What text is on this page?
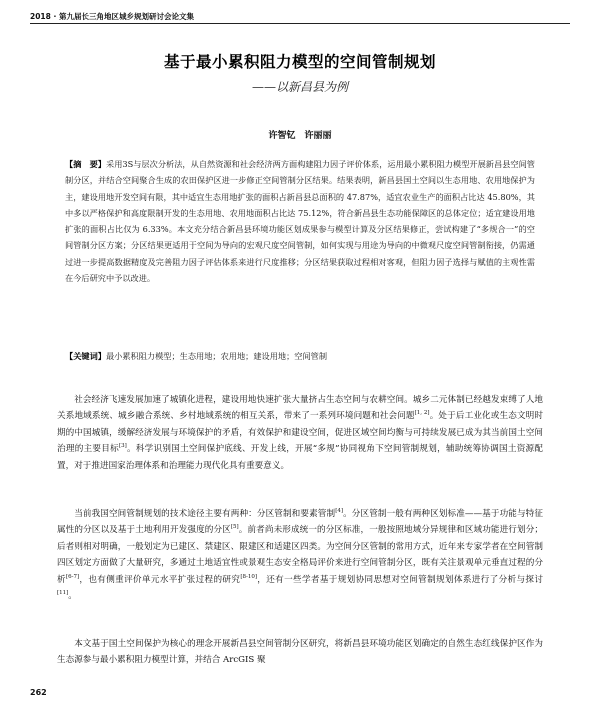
2018 · 第九届长三角地区城乡规划研讨会论文集
基于最小累积阻力模型的空间管制规划
——以新昌县为例
许智钇　许丽丽
【摘　要】采用3S与层次分析法，从自然资源和社会经济两方面构建阻力因子评价体系，运用最小累积阻力模型开展新昌县空间管制分区，并结合空间聚合生成的农田保护区进一步修正空间管制分区结果。结果表明，新昌县国土空间以生态用地、农用地保护为主，建设用地开发空间有限，其中适宜生态用地扩张的面积占新昌县总面积的 47.87%，适宜农业生产的面积占比达 45.80%，其中多以严格保护和高度限制开发的生态用地、农用地面积占比达 75.12%，符合新昌县生态功能保障区的总体定位；适宜建设用地扩张的面积占比仅为 6.33%。本文充分结合新昌县环境功能区划成果参与模型计算及分区结果修正，尝试构建了“多规合一”的空间管制分区方案；分区结果更适用于空间为导向的宏观尺度空间管制，如何实现与用途为导向的中微观尺度空间管制衔接，仍需通过进一步提高数据精度及完善阻力因子评估体系来进行尺度推移；分区结果获取过程相对客观，但阻力因子选择与赋值的主观性需在今后研究中予以改进。
【关键词】最小累积阻力模型；生态用地；农用地；建设用地；空间管制

社会经济飞速发展加速了城镇化进程，建设用地快速扩张大量挤占生态空间与农耕空间。城乡二元体制已经越发束缚了人地关系地域系统、城乡融合系统、乡村地域系统的相互关系，带来了一系列环境问题和社会问题[1, 2]。处于后工业化或生态文明时期的中国城镇，缓解经济发展与环境保护的矛盾，有效保护和建设空间，促进区域空间均衡与可持续发展已成为其当前国土空间治理的主要目标[3]。科学识别国土空间保护底线、开发上线，开展“多规”协同视角下空间管制规划，辅助统筹协调国土资源配置，对于推进国家治理体系和治理能力现代化具有重要意义。

当前我国空间管制规划的技术途径主要有两种：分区管制和要素管制[4]。分区管制一般有两种区划标准——基于功能与特征属性的分区以及基于土地利用开发强度的分区[5]。前者尚未形成统一的分区标准，一般按照地域分异规律和区域功能进行划分；后者则相对明确，一般划定为已建区、禁建区、限建区和适建区四类。为空间分区管制的常用方式，近年来专家学者在空间管制四区划定方面做了大量研究，多通过土地适宜性或景观生态安全格局评价来进行空间管制分区，既有关注景观单元垂直过程的分析[6-7]，也有侧重评价单元水平扩张过程的研究[8-10]，还有一些学者基于规划协同思想对空间管制规划体系进行了分析与探讨[11]。

本文基于国土空间保护为核心的理念开展新昌县空间管制分区研究，将新昌县环境功能区划确定的自然生态红线保护区作为生态源参与最小累积阻力模型计算，并结合 ArcGIS 聚

262
